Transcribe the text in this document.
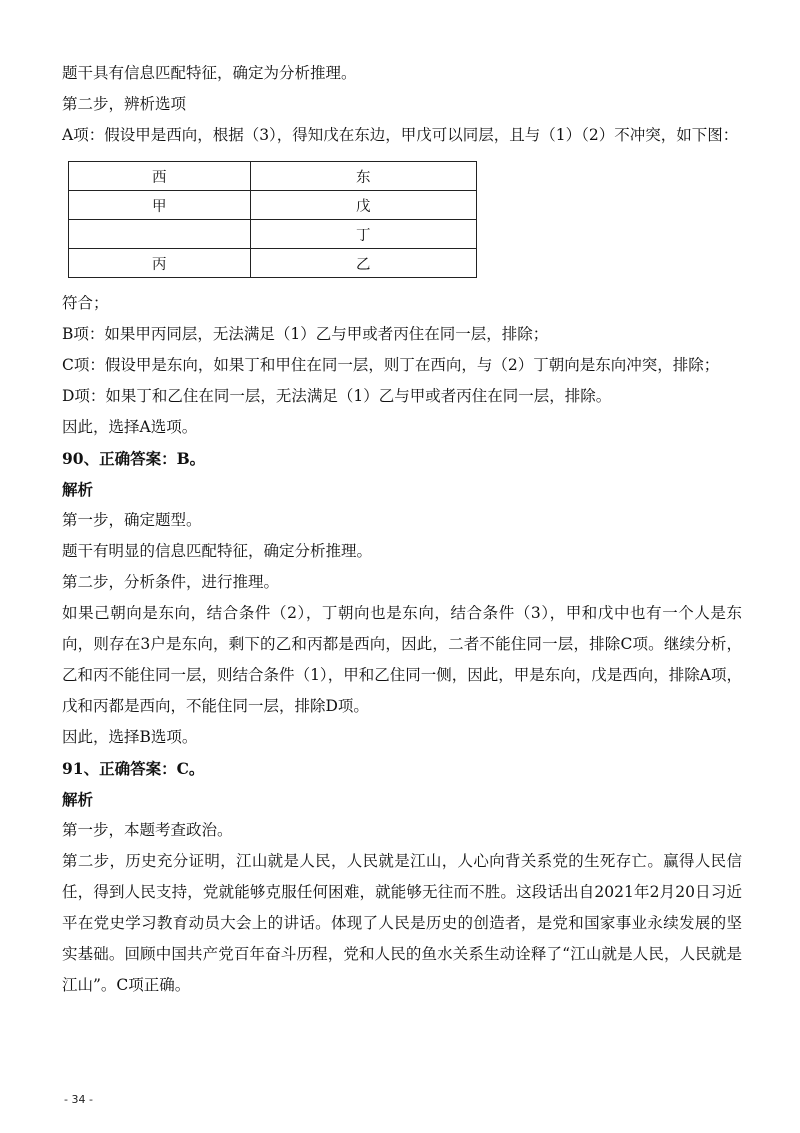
题干具有信息匹配特征，确定为分析推理。

第二步，辨析选项

A项：假设甲是西向，根据（3），得知戊在东边，甲戊可以同层，且与（1）（2）不冲突，如下图：

西	东
甲	戊
	丁
丙	乙

符合；

B项：如果甲丙同层，无法满足（1）乙与甲或者丙住在同一层，排除；

C项：假设甲是东向，如果丁和甲住在同一层，则丁在西向，与（2）丁朝向是东向冲突，排除；

D项：如果丁和乙住在同一层，无法满足（1）乙与甲或者丙住在同一层，排除。

因此，选择A选项。

90、正确答案：B。

解析

第一步，确定题型。

题干有明显的信息匹配特征，确定分析推理。

第二步，分析条件，进行推理。

如果己朝向是东向，结合条件（2），丁朝向也是东向，结合条件（3），甲和戊中也有一个人是东向，则存在3户是东向，剩下的乙和丙都是西向，因此，二者不能住同一层，排除C项。继续分析，乙和丙不能住同一层，则结合条件（1），甲和乙住同一侧，因此，甲是东向，戊是西向，排除A项，戊和丙都是西向，不能住同一层，排除D项。

因此，选择B选项。

91、正确答案：C。

解析

第一步，本题考查政治。

第二步，历史充分证明，江山就是人民，人民就是江山，人心向背关系党的生死存亡。赢得人民信任，得到人民支持，党就能够克服任何困难，就能够无往而不胜。这段话出自2021年2月20日习近平在党史学习教育动员大会上的讲话。体现了人民是历史的创造者，是党和国家事业永续发展的坚实基础。回顾中国共产党百年奋斗历程，党和人民的鱼水关系生动诠释了“江山就是人民，人民就是江山”。C项正确。

- 34 -
